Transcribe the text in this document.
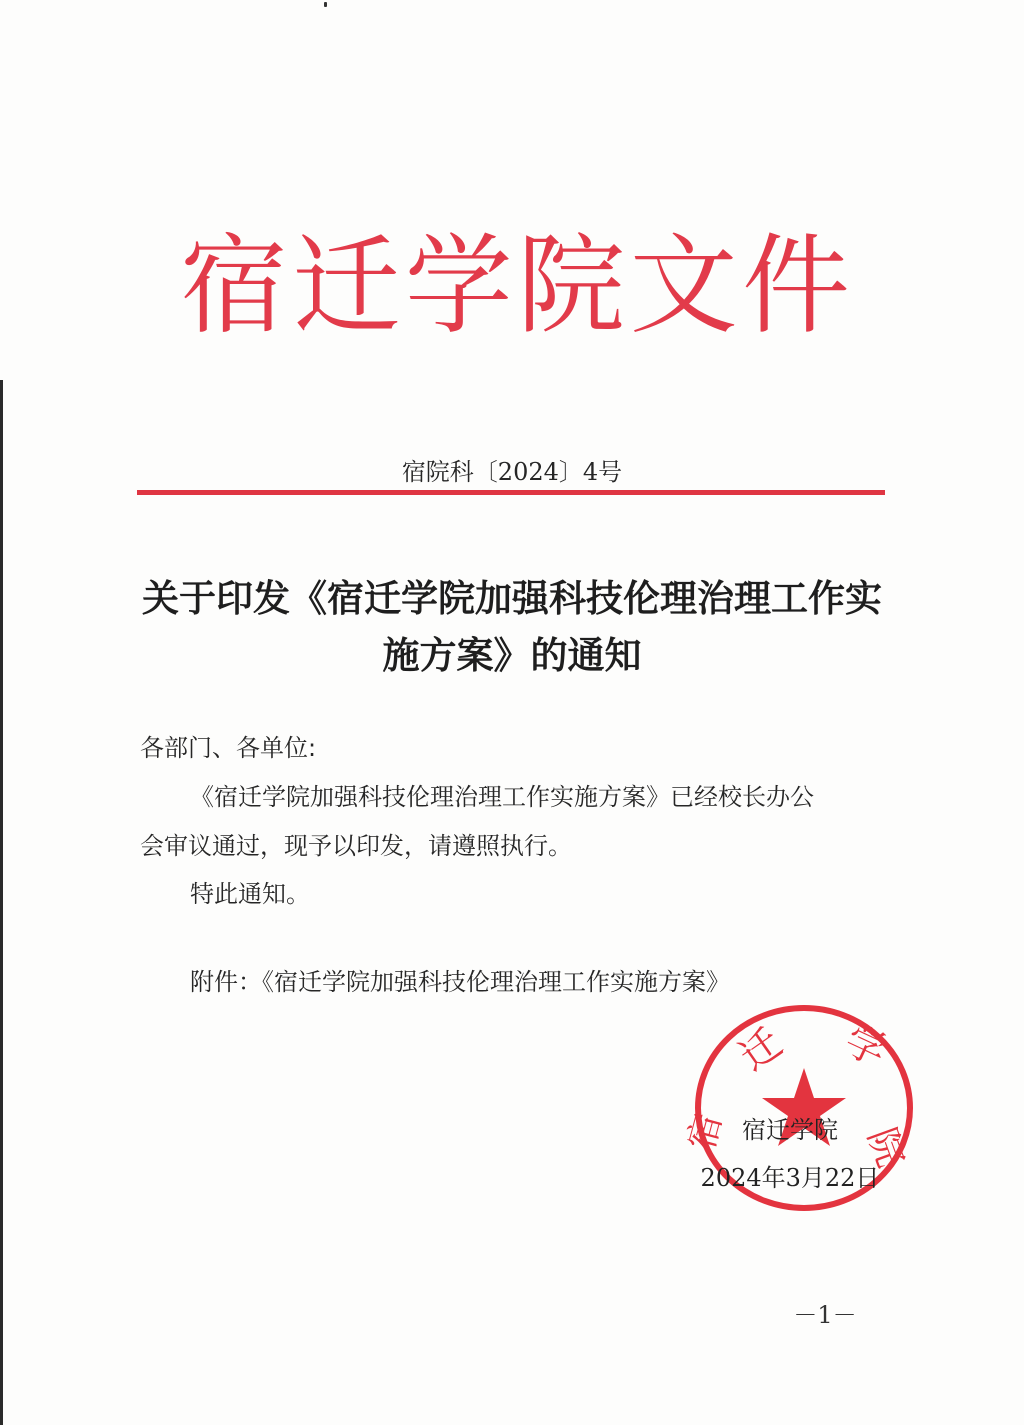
宿 迁 学 院 文 件
宿院科〔2024〕4号
关于印发《宿迁学院加强科技伦理治理工作实
施方案》的通知
各部门、各单位:
《宿迁学院加强科技伦理治理工作实施方案》已经校长办公
会审议通过，现予以印发，请遵照执行。
特此通知。
附件：《宿迁学院加强科技伦理治理工作实施方案》
迁 学
院
宿 宿迁学院
2024年3月22日
－1－
